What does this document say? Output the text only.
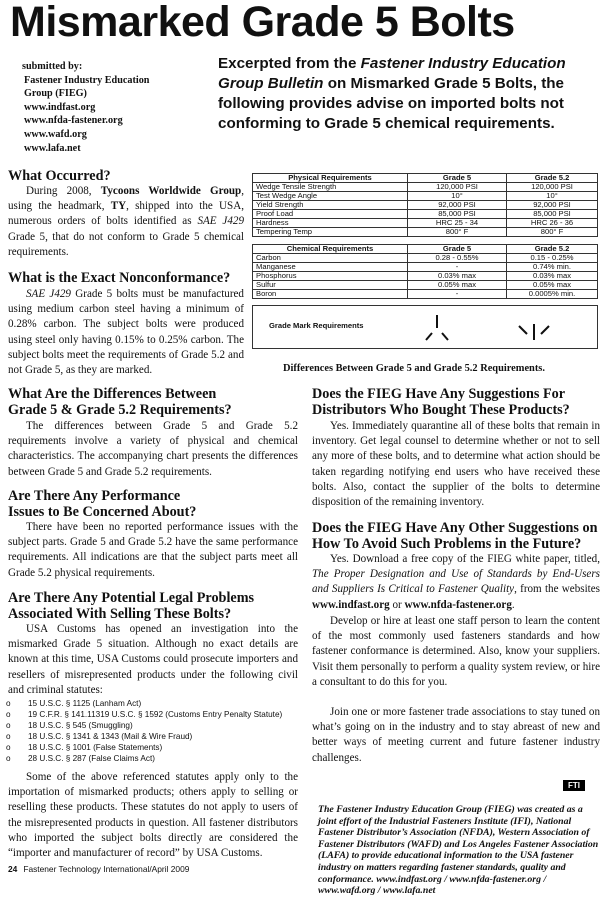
Mismarked Grade 5 Bolts
submitted by:
Fastener Industry Education
Group (FIEG)
www.indfast.org
www.nfda-fastener.org
www.wafd.org
www.lafa.net
Excerpted from the Fastener Industry Education Group Bulletin on Mismarked Grade 5 Bolts, the following provides advise on imported bolts not conforming to Grade 5 chemical requirements.
What Occurred?
During 2008, Tycoons Worldwide Group, using the headmark, TY, shipped into the USA, numerous orders of bolts identified as SAE J429 Grade 5, that do not conform to Grade 5 chemical requirements.
What is the Exact Nonconformance?
SAE J429 Grade 5 bolts must be manufactured using medium carbon steel having a minimum of 0.28% carbon. The subject bolts were produced using steel only having 0.15% to 0.25% carbon. The subject bolts meet the requirements of Grade 5.2 and not Grade 5, as they are marked.
Physical Requirements	Grade 5	Grade 5.2
Wedge Tensile Strength	120,000 PSI	120,000 PSI
Test Wedge Angle	10°	10°
Yield Strength	92,000 PSI	92,000 PSI
Proof Load	85,000 PSI	85,000 PSI
Hardness	HRC 25 - 34	HRC 26 - 36
Tempering Temp	800° F	800° F
Chemical Requirements	Grade 5	Grade 5.2
Carbon	0.28 - 0.55%	0.15 - 0.25%
Manganese	-	0.74% min.
Phosphorus	0.03% max	0.03% max
Sulfur	0.05% max	0.05% max
Boron	-	0.0005% min.
Grade Mark Requirements
Differences Between Grade 5 and Grade 5.2 Requirements.
What Are the Differences Between
Grade 5 & Grade 5.2 Requirements?
The differences between Grade 5 and Grade 5.2 requirements involve a variety of physical and chemical characteristics. The accompanying chart presents the differences between Grade 5 and Grade 5.2 requirements.
Are There Any Performance
Issues to Be Concerned About?
There have been no reported performance issues with the subject parts. Grade 5 and Grade 5.2 have the same performance requirements. All indications are that the subject parts meet all Grade 5.2 physical requirements.
Are There Any Potential Legal Problems
Associated With Selling These Bolts?
USA Customs has opened an investigation into the mismarked Grade 5 situation. Although no exact details are known at this time, USA Customs could prosecute importers and resellers of misrepresented products under the following civil and criminal statutes:
o 15 U.S.C. § 1125 (Lanham Act)
o 19 C.F.R. § 141.11319 U.S.C. § 1592 (Customs Entry Penalty Statute)
o 18 U.S.C. § 545 (Smuggling)
o 18 U.S.C. § 1341 & 1343 (Mail & Wire Fraud)
o 18 U.S.C. § 1001 (False Statements)
o 28 U.S.C. § 287 (False Claims Act)
Some of the above referenced statutes apply only to the importation of mismarked products; others apply to selling or reselling these products. These statutes do not apply to users of the misrepresented products in question. All fastener distributors who imported the subject bolts directly are considered the “importer and manufacturer of record” by USA Customs.
Does the FIEG Have Any Suggestions For
Distributors Who Bought These Products?
Yes. Immediately quarantine all of these bolts that remain in inventory. Get legal counsel to determine whether or not to sell any more of these bolts, and to determine what action should be taken regarding notifying end users who have received these bolts. Also, contact the supplier of the bolts to determine disposition of the remaining inventory.
Does the FIEG Have Any Other Suggestions on
How To Avoid Such Problems in the Future?
Yes. Download a free copy of the FIEG white paper, titled, The Proper Designation and Use of Standards by End-Users and Suppliers Is Critical to Fastener Quality, from the websites www.indfast.org or www.nfda-fastener.org.
Develop or hire at least one staff person to learn the content of the most commonly used fasteners standards and how fastener conformance is determined. Also, know your suppliers. Visit them personally to perform a quality system review, or hire a consultant to do this for you.
Join one or more fastener trade associations to stay tuned on what’s going on in the industry and to stay abreast of new and better ways of meeting current and future fastener industry challenges.
FTI
The Fastener Industry Education Group (FIEG) was created as a joint effort of the Industrial Fasteners Institute (IFI), National Fastener Distributor’s Association (NFDA), Western Association of Fastener Distributors (WAFD) and Los Angeles Fastener Association (LAFA) to provide educational information to the USA fastener industry on matters regarding fastener standards, quality and conformance. www.indfast.org / www.nfda-fastener.org / www.wafd.org / www.lafa.net
24 Fastener Technology International/April 2009
